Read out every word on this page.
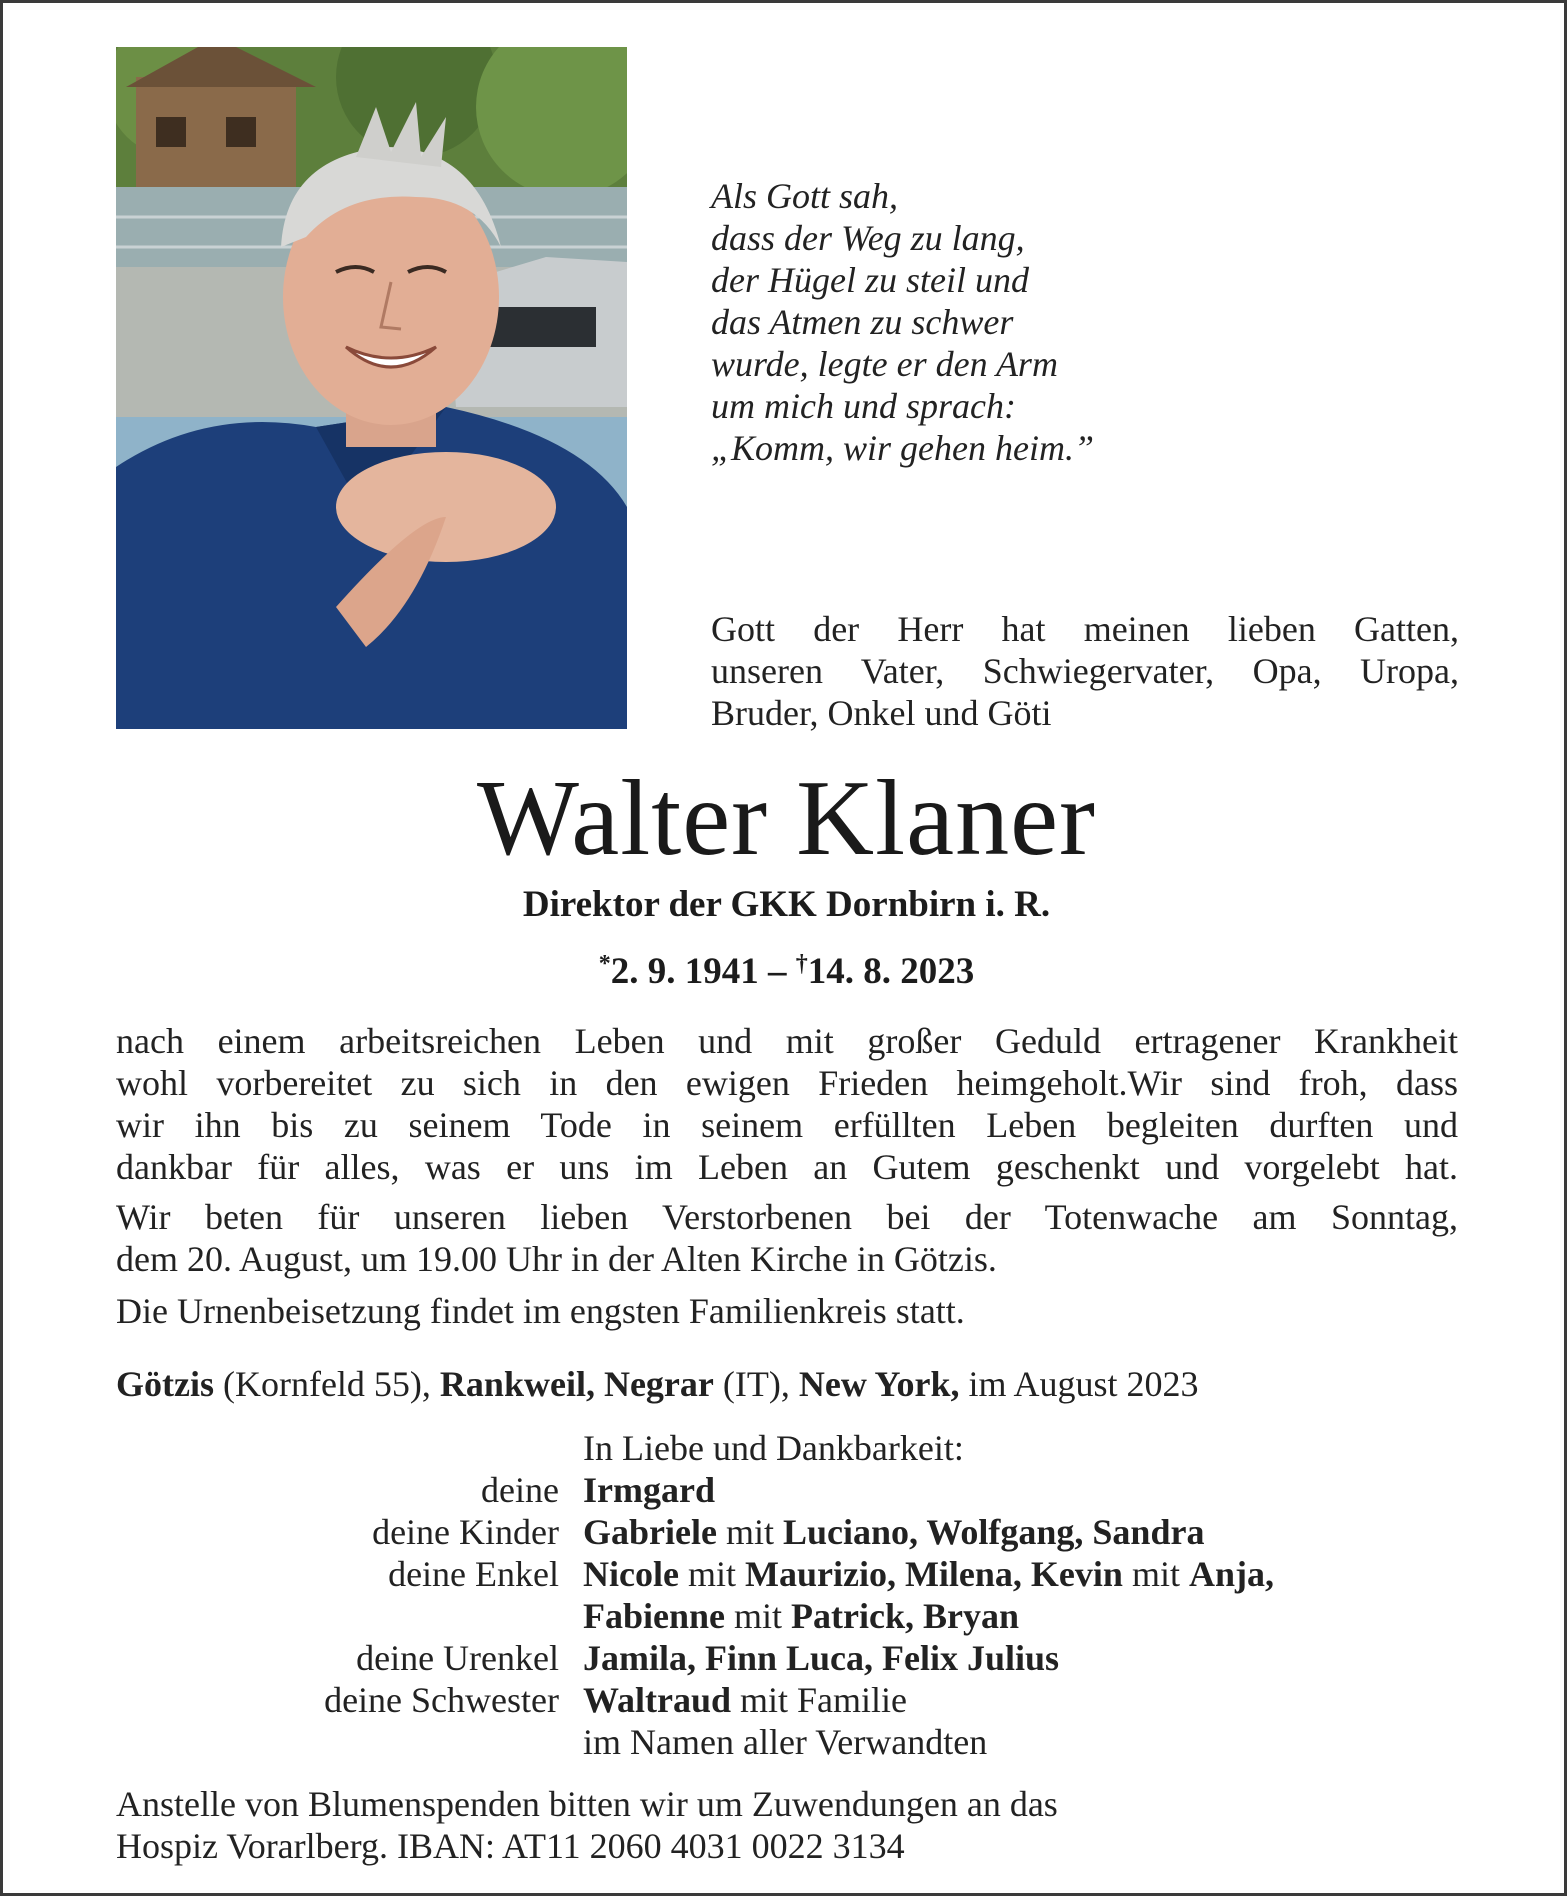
Als Gott sah,
dass der Weg zu lang,
der Hügel zu steil und
das Atmen zu schwer
wurde, legte er den Arm
um mich und sprach:
„Komm, wir gehen heim.”
Gott der Herr hat meinen lieben Gatten,
unseren Vater, Schwiegervater, Opa, Uropa,
Bruder, Onkel und Göti
Walter Klaner
Direktor der GKK Dornbirn i. R.
*2. 9. 1941 – †14. 8. 2023
nach einem arbeitsreichen Leben und mit großer Geduld ertragener Krankheit
wohl vorbereitet zu sich in den ewigen Frieden heimgeholt.Wir sind froh, dass
wir ihn bis zu seinem Tode in seinem erfüllten Leben begleiten durften und
dankbar für alles, was er uns im Leben an Gutem geschenkt und vorgelebt hat.
Wir beten für unseren lieben Verstorbenen bei der Totenwache am Sonntag,
dem 20. August, um 19.00 Uhr in der Alten Kirche in Götzis.
Die Urnenbeisetzung findet im engsten Familienkreis statt.
Götzis (Kornfeld 55), Rankweil, Negrar (IT), New York, im August 2023
In Liebe und Dankbarkeit:
deine Irmgard
deine Kinder Gabriele mit Luciano, Wolfgang, Sandra
deine Enkel Nicole mit Maurizio, Milena, Kevin mit Anja,
Fabienne mit Patrick, Bryan
deine Urenkel Jamila, Finn Luca, Felix Julius
deine Schwester Waltraud mit Familie
im Namen aller Verwandten
Anstelle von Blumenspenden bitten wir um Zuwendungen an das
Hospiz Vorarlberg. IBAN: AT11 2060 4031 0022 3134
